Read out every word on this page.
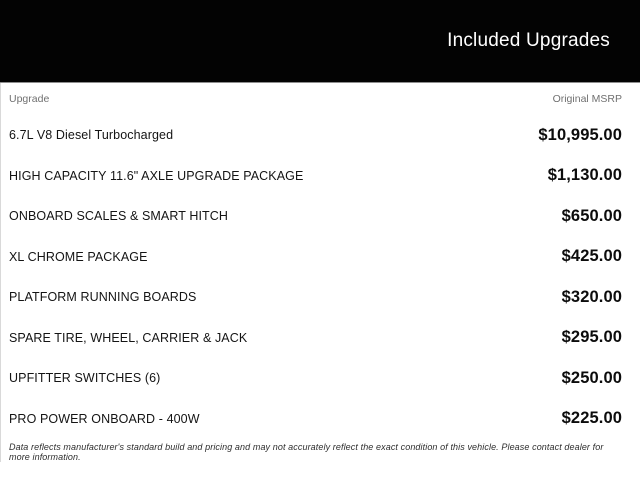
Included Upgrades
Upgrade	Original MSRP
6.7L V8 Diesel Turbocharged	$10,995.00
HIGH CAPACITY 11.6" AXLE UPGRADE PACKAGE	$1,130.00
ONBOARD SCALES & SMART HITCH	$650.00
XL CHROME PACKAGE	$425.00
PLATFORM RUNNING BOARDS	$320.00
SPARE TIRE, WHEEL, CARRIER & JACK	$295.00
UPFITTER SWITCHES (6)	$250.00
PRO POWER ONBOARD - 400W	$225.00
Data reflects manufacturer's standard build and pricing and may not accurately reflect the exact condition of this vehicle. Please contact dealer for more information.
